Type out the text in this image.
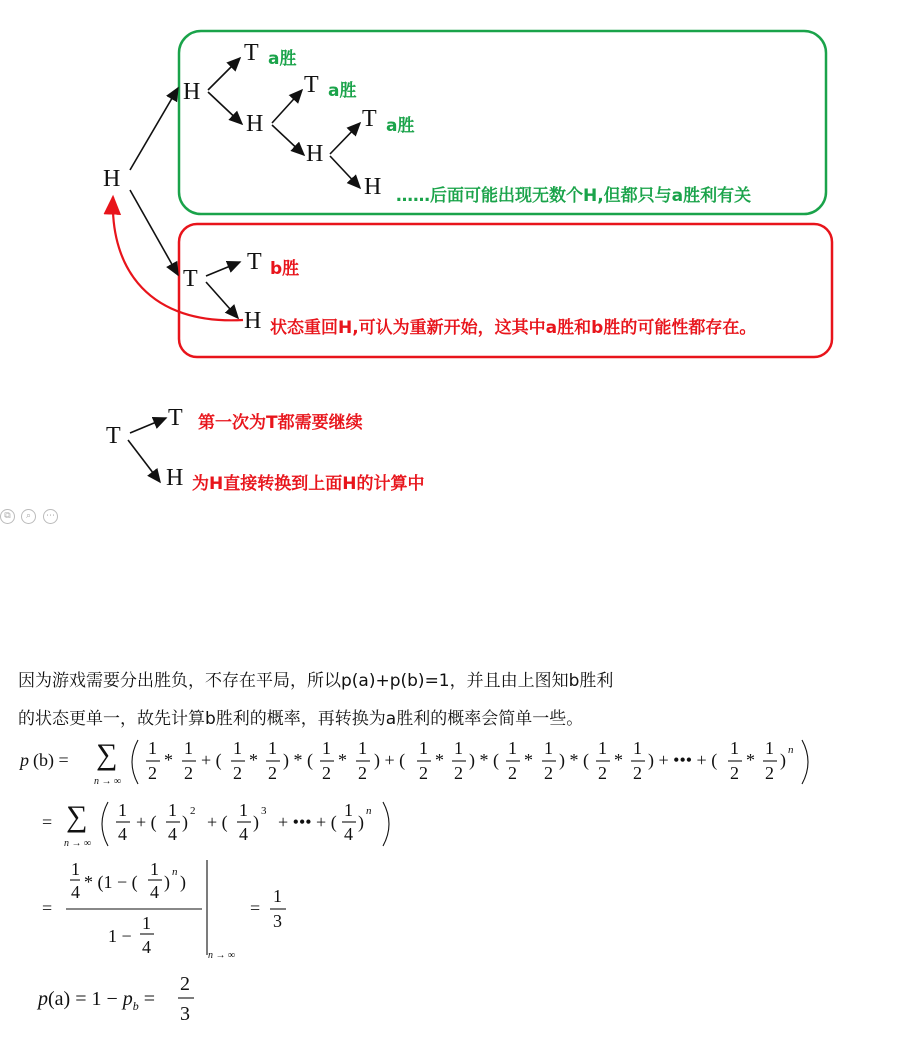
H
H
T
H
T
H
T
H
T
T
H
a胜
a胜
a胜
……后面可能出现无数个H,但都只与a胜利有关
b胜
状态重回H,可认为重新开始，这其中a胜和b胜的可能性都存在。
T
T
H
第一次为T都需要继续
为H直接转换到上面H的计算中
⧉	⌕	⋯
因为游戏需要分出胜负，不存在平局，所以p(a)+p(b)=1，并且由上图知b胜利
的状态更单一，故先计算b胜利的概率，再转换为a胜利的概率会简单一些。
p (b) = ∑
n → ∞
1
2
*
1
2
+ (
1
2
*
1
2
) * (
1
2
*
1
2
) + (
1
2
*
1
2
) * (
1
2
*
1
2
) * (
1
2
*
1
2
) + ••• + (
1
2
*
1
2
) n
= ∑
n → ∞
1
4
+ (
1
4
)
2
+ (
1
4
)
3
+ ••• + (
1
4
)
n
=
1
4 * (1 − (
1
4 ) n )
1 −
1
4	n → ∞
=
1
3
$p(a) = 1 - p_b$ =
2
3
